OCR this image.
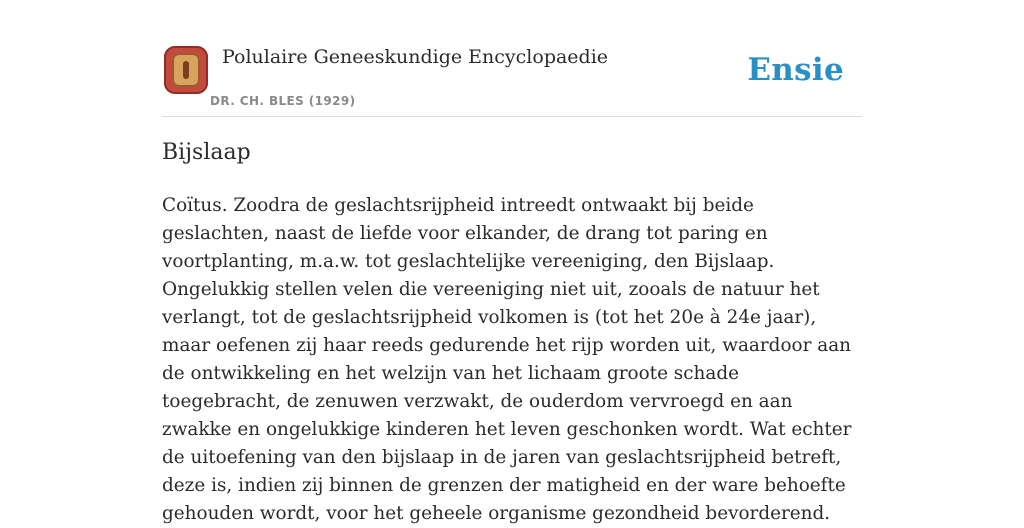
Polulaire Geneeskundige Encyclopaedie
DR. CH. BLES (1929)
Ensie
Bijslaap

Coïtus. Zoodra de geslachtsrijpheid intreedt ontwaakt bij beide geslachten, naast de liefde voor elkander, de drang tot paring en voortplanting, m.a.w. tot geslachtelijke vereeniging, den Bijslaap. Ongelukkig stellen velen die vereeniging niet uit, zooals de natuur het verlangt, tot de geslachtsrijpheid volkomen is (tot het 20e à 24e jaar), maar oefenen zij haar reeds gedurende het rijp worden uit, waardoor aan de ontwikkeling en het welzijn van het lichaam groote schade toegebracht, de zenuwen verzwakt, de ouderdom vervroegd en aan zwakke en ongelukkige kinderen het leven geschonken wordt. Wat echter de uitoefening van den bijslaap in de jaren van geslachtsrijpheid betreft, deze is, indien zij binnen de grenzen der matigheid en der ware behoefte gehouden wordt, voor het geheele organisme gezondheid bevorderend.
